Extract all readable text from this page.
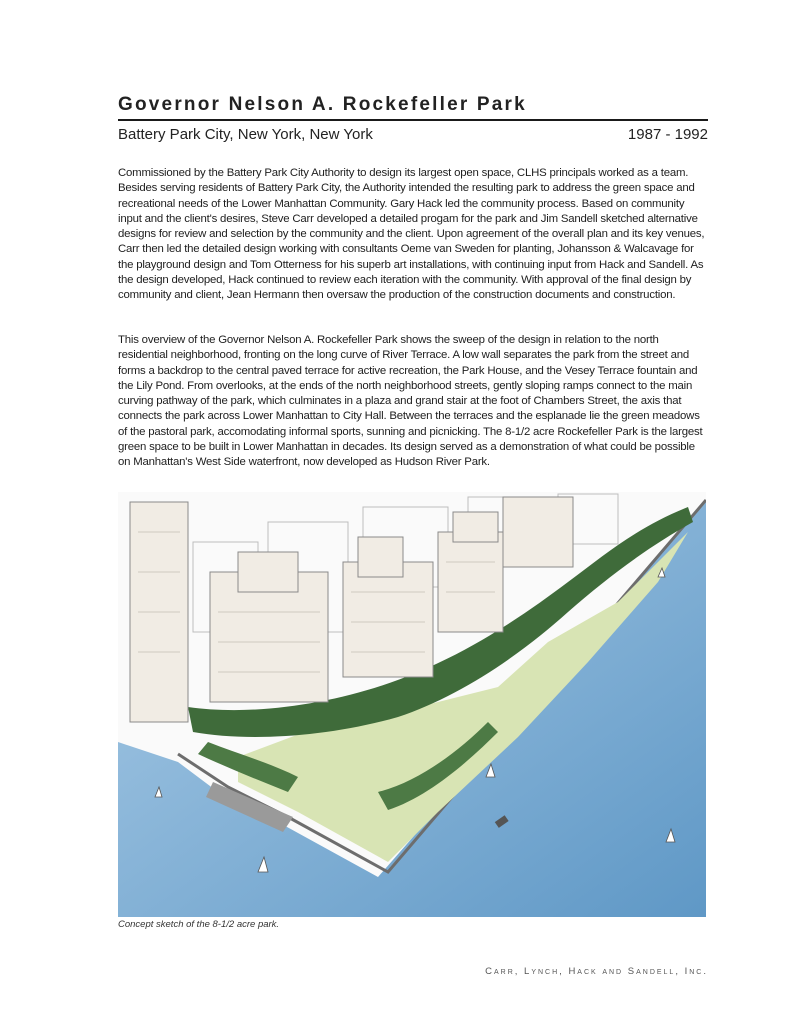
Governor Nelson A. Rockefeller Park
Battery Park City, New York, New York	1987 - 1992

Commissioned by the Battery Park City Authority to design its largest open space, CLHS principals worked as a team. Besides serving residents of Battery Park City, the Authority intended the resulting park to address the green space and recreational needs of the Lower Manhattan Community. Gary Hack led the community process. Based on community input and the client's desires, Steve Carr developed a detailed progam for the park and Jim Sandell sketched alternative designs for review and selection by the community and the client. Upon agreement of the overall plan and its key venues, Carr then led the detailed design working with consultants Oeme van Sweden for planting, Johansson & Walcavage for the playground design and Tom Otterness for his superb art installations, with continuing input from Hack and Sandell. As the design developed, Hack continued to review each iteration with the community. With approval of the final design by community and client, Jean Hermann then oversaw the production of the construction documents and construction.

This overview of the Governor Nelson A. Rockefeller Park shows the sweep of the design in relation to the north residential neighborhood, fronting on the long curve of River Terrace. A low wall separates the park from the street and forms a backdrop to the central paved terrace for active recreation, the Park House, and the Vesey Terrace fountain and the Lily Pond. From overlooks, at the ends of the north neighborhood streets, gently sloping ramps connect to the main curving pathway of the park, which culminates in a plaza and grand stair at the foot of Chambers Street, the axis that connects the park across Lower Manhattan to City Hall. Between the terraces and the esplanade lie the green meadows of the pastoral park, accomodating informal sports, sunning and picnicking. The 8-1/2 acre Rockefeller Park is the largest green space to be built in Lower Manhattan in decades. Its design served as a demonstration of what could be possible on Manhattan's West Side waterfront, now developed as Hudson River Park.

Concept sketch of the 8-1/2 acre park.
Carr, Lynch, Hack and Sandell, Inc.
